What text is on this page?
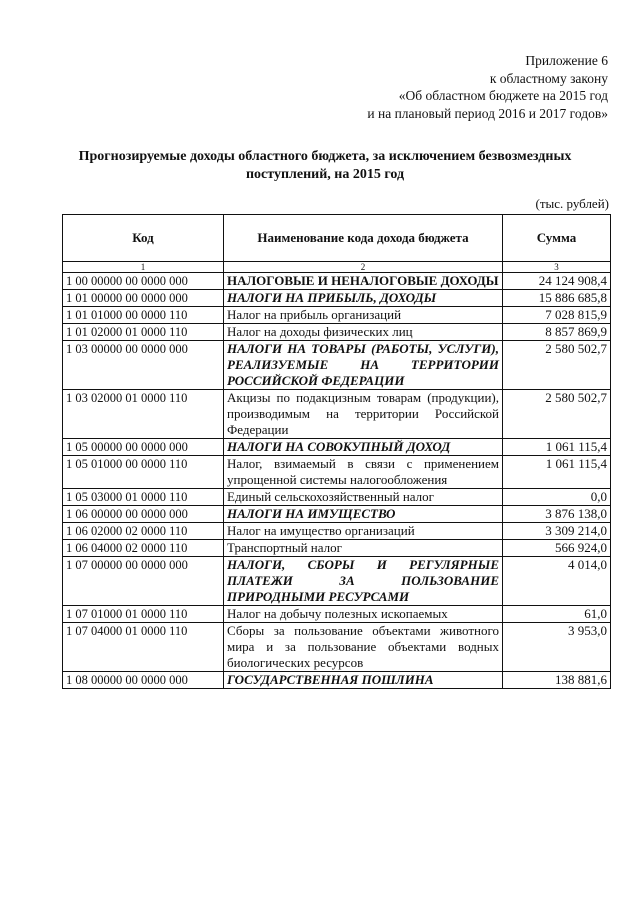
Приложение 6
к областному закону
«Об областном бюджете на 2015 год
и на плановый период 2016 и 2017 годов»
Прогнозируемые доходы областного бюджета, за исключением безвозмездных
поступлений, на 2015 год
(тыс. рублей)
Код	Наименование кода дохода бюджета	Сумма
1	2	3
1 00 00000 00 0000 000	НАЛОГОВЫЕ И НЕНАЛОГОВЫЕ ДОХОДЫ	24 124 908,4
1 01 00000 00 0000 000	НАЛОГИ НА ПРИБЫЛЬ, ДОХОДЫ	15 886 685,8
1 01 01000 00 0000 110	Налог на прибыль организаций	7 028 815,9
1 01 02000 01 0000 110	Налог на доходы физических лиц	8 857 869,9
1 03 00000 00 0000 000	НАЛОГИ НА ТОВАРЫ (РАБОТЫ, УСЛУГИ), РЕАЛИЗУЕМЫЕ НА ТЕРРИТОРИИ РОССИЙСКОЙ ФЕДЕРАЦИИ	2 580 502,7
1 03 02000 01 0000 110	Акцизы по подакцизным товарам (продукции), производимым на территории Российской Федерации	2 580 502,7
1 05 00000 00 0000 000	НАЛОГИ НА СОВОКУПНЫЙ ДОХОД	1 061 115,4
1 05 01000 00 0000 110	Налог, взимаемый в связи с применением упрощенной системы налогообложения	1 061 115,4
1 05 03000 01 0000 110	Единый сельскохозяйственный налог	0,0
1 06 00000 00 0000 000	НАЛОГИ НА ИМУЩЕСТВО	3 876 138,0
1 06 02000 02 0000 110	Налог на имущество организаций	3 309 214,0
1 06 04000 02 0000 110	Транспортный налог	566 924,0
1 07 00000 00 0000 000	НАЛОГИ, СБОРЫ И РЕГУЛЯРНЫЕ ПЛАТЕЖИ ЗА ПОЛЬЗОВАНИЕ ПРИРОДНЫМИ РЕСУРСАМИ	4 014,0
1 07 01000 01 0000 110	Налог на добычу полезных ископаемых	61,0
1 07 04000 01 0000 110	Сборы за пользование объектами животного мира и за пользование объектами водных биологических ресурсов	3 953,0
1 08 00000 00 0000 000	ГОСУДАРСТВЕННАЯ ПОШЛИНА	138 881,6
